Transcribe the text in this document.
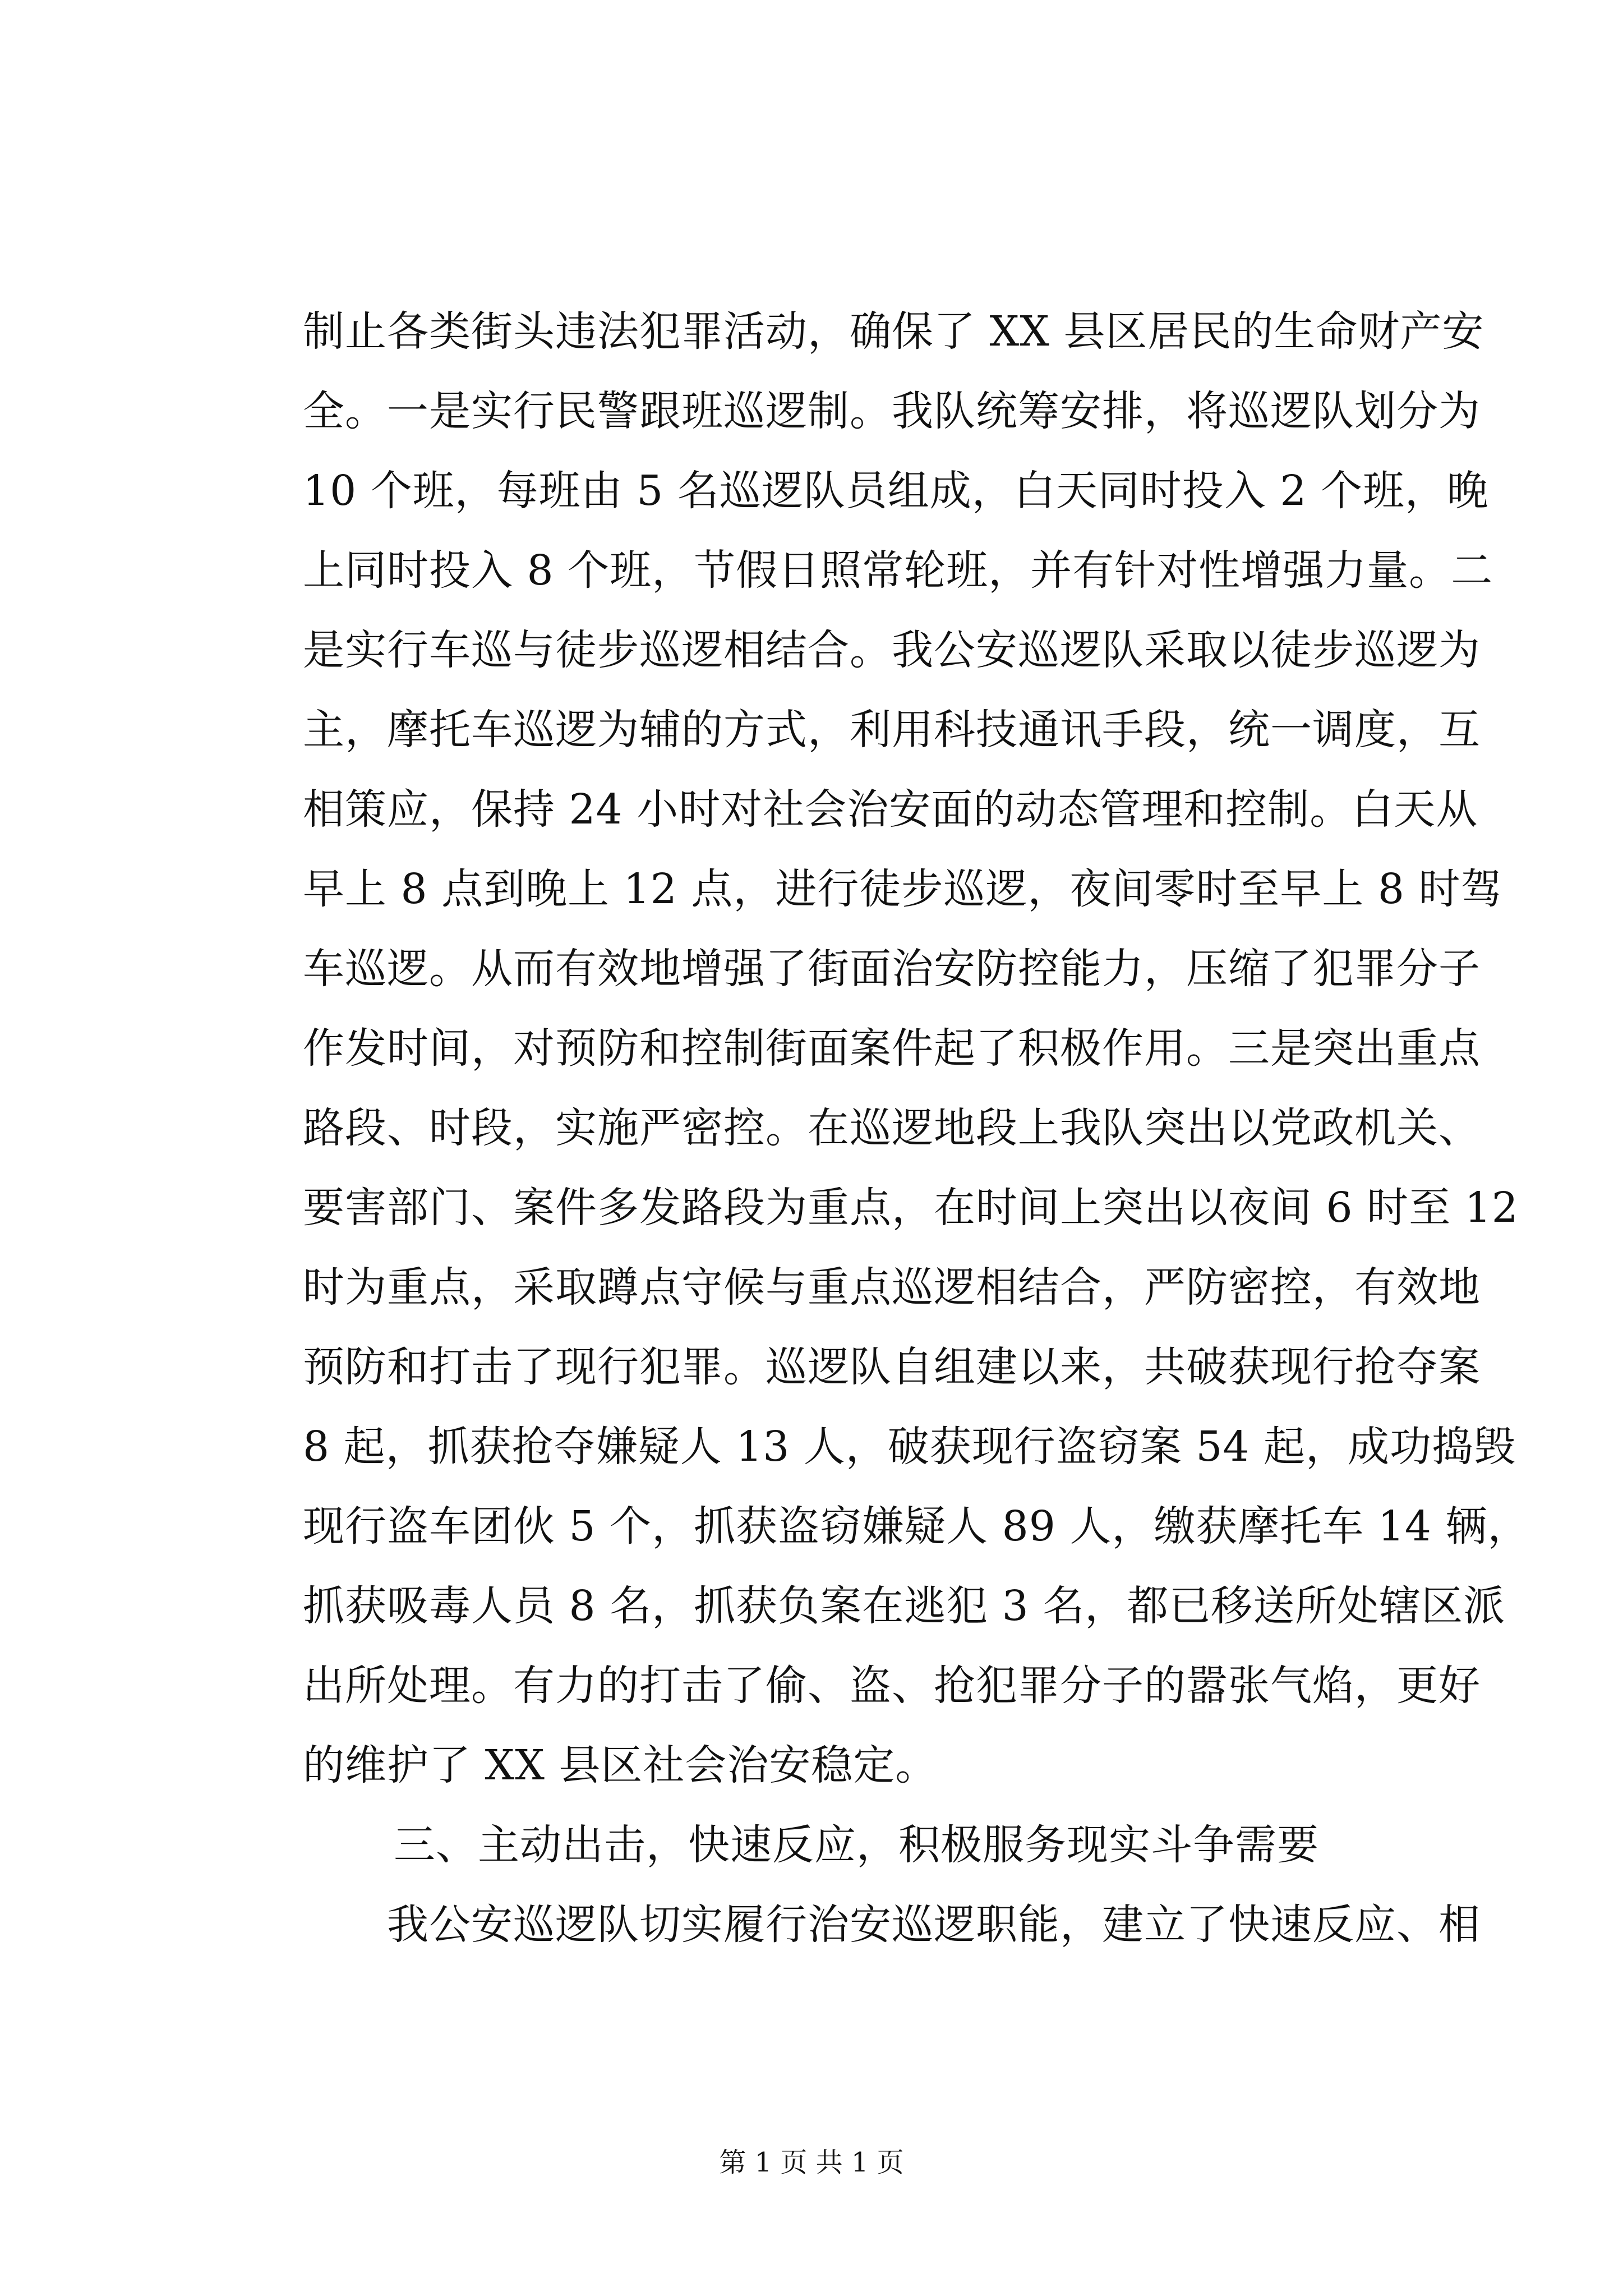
制止各类街头违法犯罪活动，确保了 XX 县区居民的生命财产安
全。一是实行民警跟班巡逻制。我队统筹安排，将巡逻队划分为
10 个班，每班由 5 名巡逻队员组成，白天同时投入 2 个班，晚
上同时投入 8 个班，节假日照常轮班，并有针对性增强力量。二
是实行车巡与徒步巡逻相结合。我公安巡逻队采取以徒步巡逻为
主，摩托车巡逻为辅的方式，利用科技通讯手段，统一调度，互
相策应，保持 24 小时对社会治安面的动态管理和控制。白天从
早上 8 点到晚上 12 点，进行徒步巡逻，夜间零时至早上 8 时驾
车巡逻。从而有效地增强了街面治安防控能力，压缩了犯罪分子
作发时间，对预防和控制街面案件起了积极作用。三是突出重点
路段、时段，实施严密控。在巡逻地段上我队突出以党政机关、
要害部门、案件多发路段为重点，在时间上突出以夜间 6 时至 12
时为重点，采取蹲点守候与重点巡逻相结合，严防密控，有效地
预防和打击了现行犯罪。巡逻队自组建以来，共破获现行抢夺案
8 起，抓获抢夺嫌疑人 13 人，破获现行盗窃案 54 起，成功捣毁
现行盗车团伙 5 个，抓获盗窃嫌疑人 89 人，缴获摩托车 14 辆，
抓获吸毒人员 8 名，抓获负案在逃犯 3 名，都已移送所处辖区派
出所处理。有力的打击了偷、盗、抢犯罪分子的嚣张气焰，更好
的维护了 XX 县区社会治安稳定。
　　三、主动出击，快速反应，积极服务现实斗争需要
　　我公安巡逻队切实履行治安巡逻职能，建立了快速反应、相
第 1 页 共 1 页
